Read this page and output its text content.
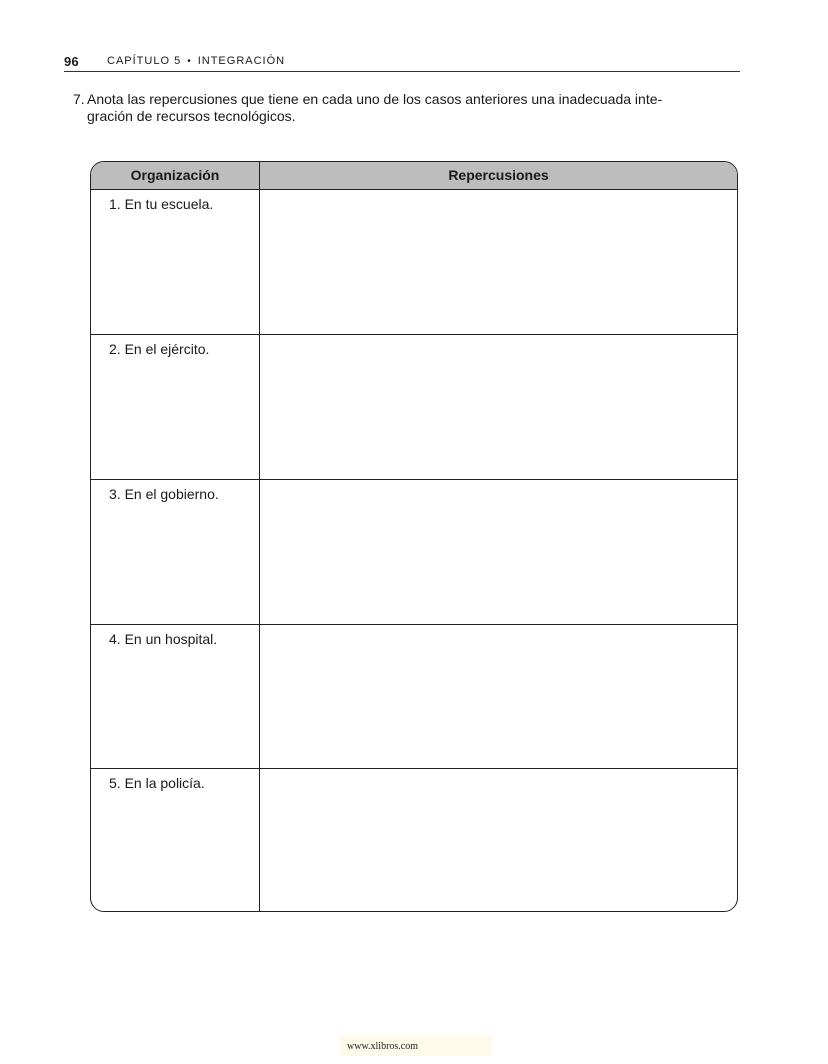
96	CAPÍTULO 5 • INTEGRACIÓN
7. Anota las repercusiones que tiene en cada uno de los casos anteriores una inadecuada inte-
gración de recursos tecnológicos.
Organización	Repercusiones
1. En tu escuela.
2. En el ejército.
3. En el gobierno.
4. En un hospital.
5. En la policía.
www.xlibros.com
